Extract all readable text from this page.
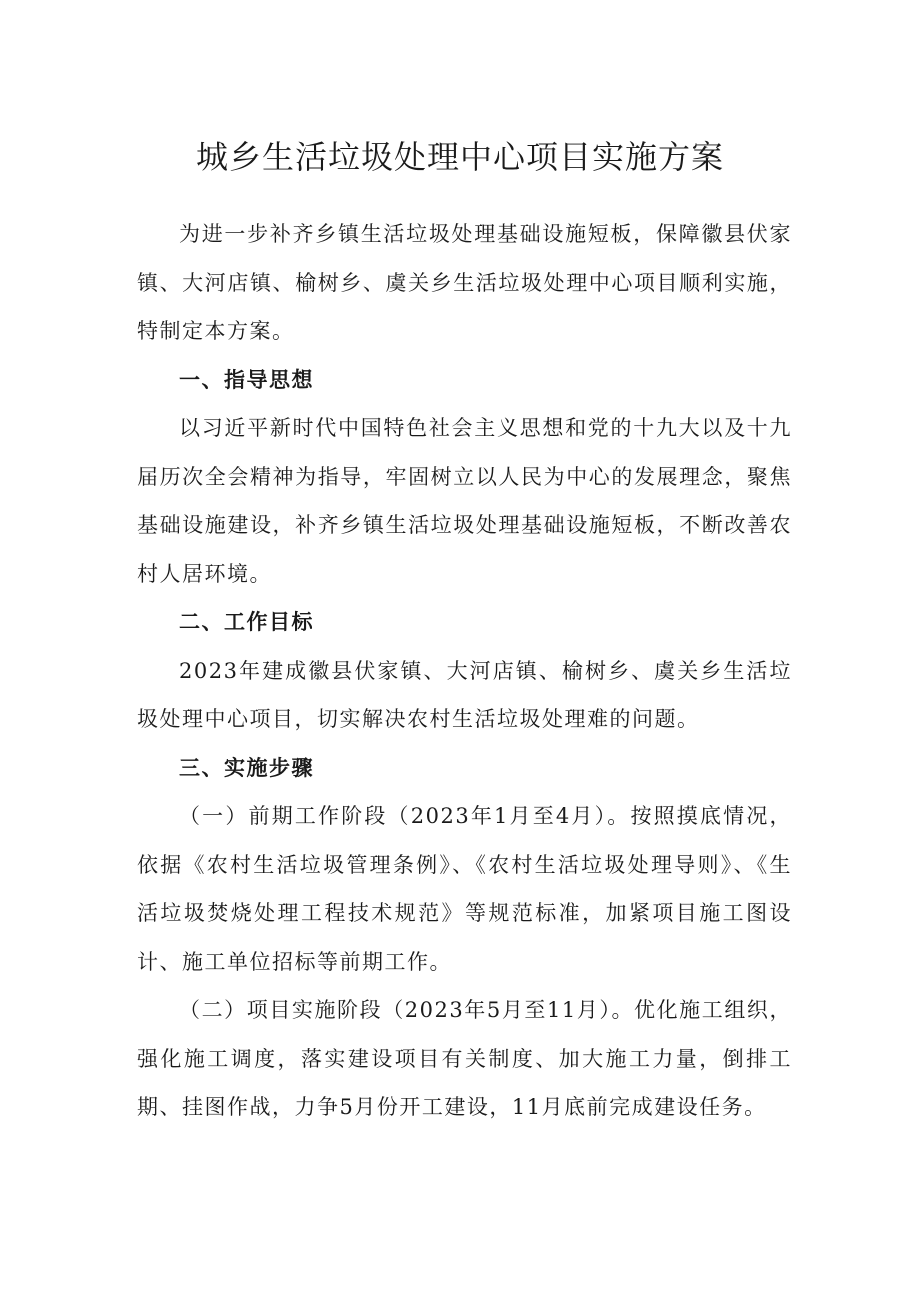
城乡生活垃圾处理中心项目实施方案

为进一步补齐乡镇生活垃圾处理基础设施短板，保障徽县伏家镇、大河店镇、榆树乡、虞关乡生活垃圾处理中心项目顺利实施，特制定本方案。

一、指导思想

以习近平新时代中国特色社会主义思想和党的十九大以及十九届历次全会精神为指导，牢固树立以人民为中心的发展理念，聚焦基础设施建设，补齐乡镇生活垃圾处理基础设施短板，不断改善农村人居环境。

二、工作目标

2023年建成徽县伏家镇、大河店镇、榆树乡、虞关乡生活垃圾处理中心项目，切实解决农村生活垃圾处理难的问题。

三、实施步骤

（一）前期工作阶段（2023年1月至4月）。按照摸底情况，依据《农村生活垃圾管理条例》、《农村生活垃圾处理导则》、《生活垃圾焚烧处理工程技术规范》等规范标准，加紧项目施工图设计、施工单位招标等前期工作。

（二）项目实施阶段（2023年5月至11月）。优化施工组织，强化施工调度，落实建设项目有关制度、加大施工力量，倒排工期、挂图作战，力争5月份开工建设，11月底前完成建设任务。
